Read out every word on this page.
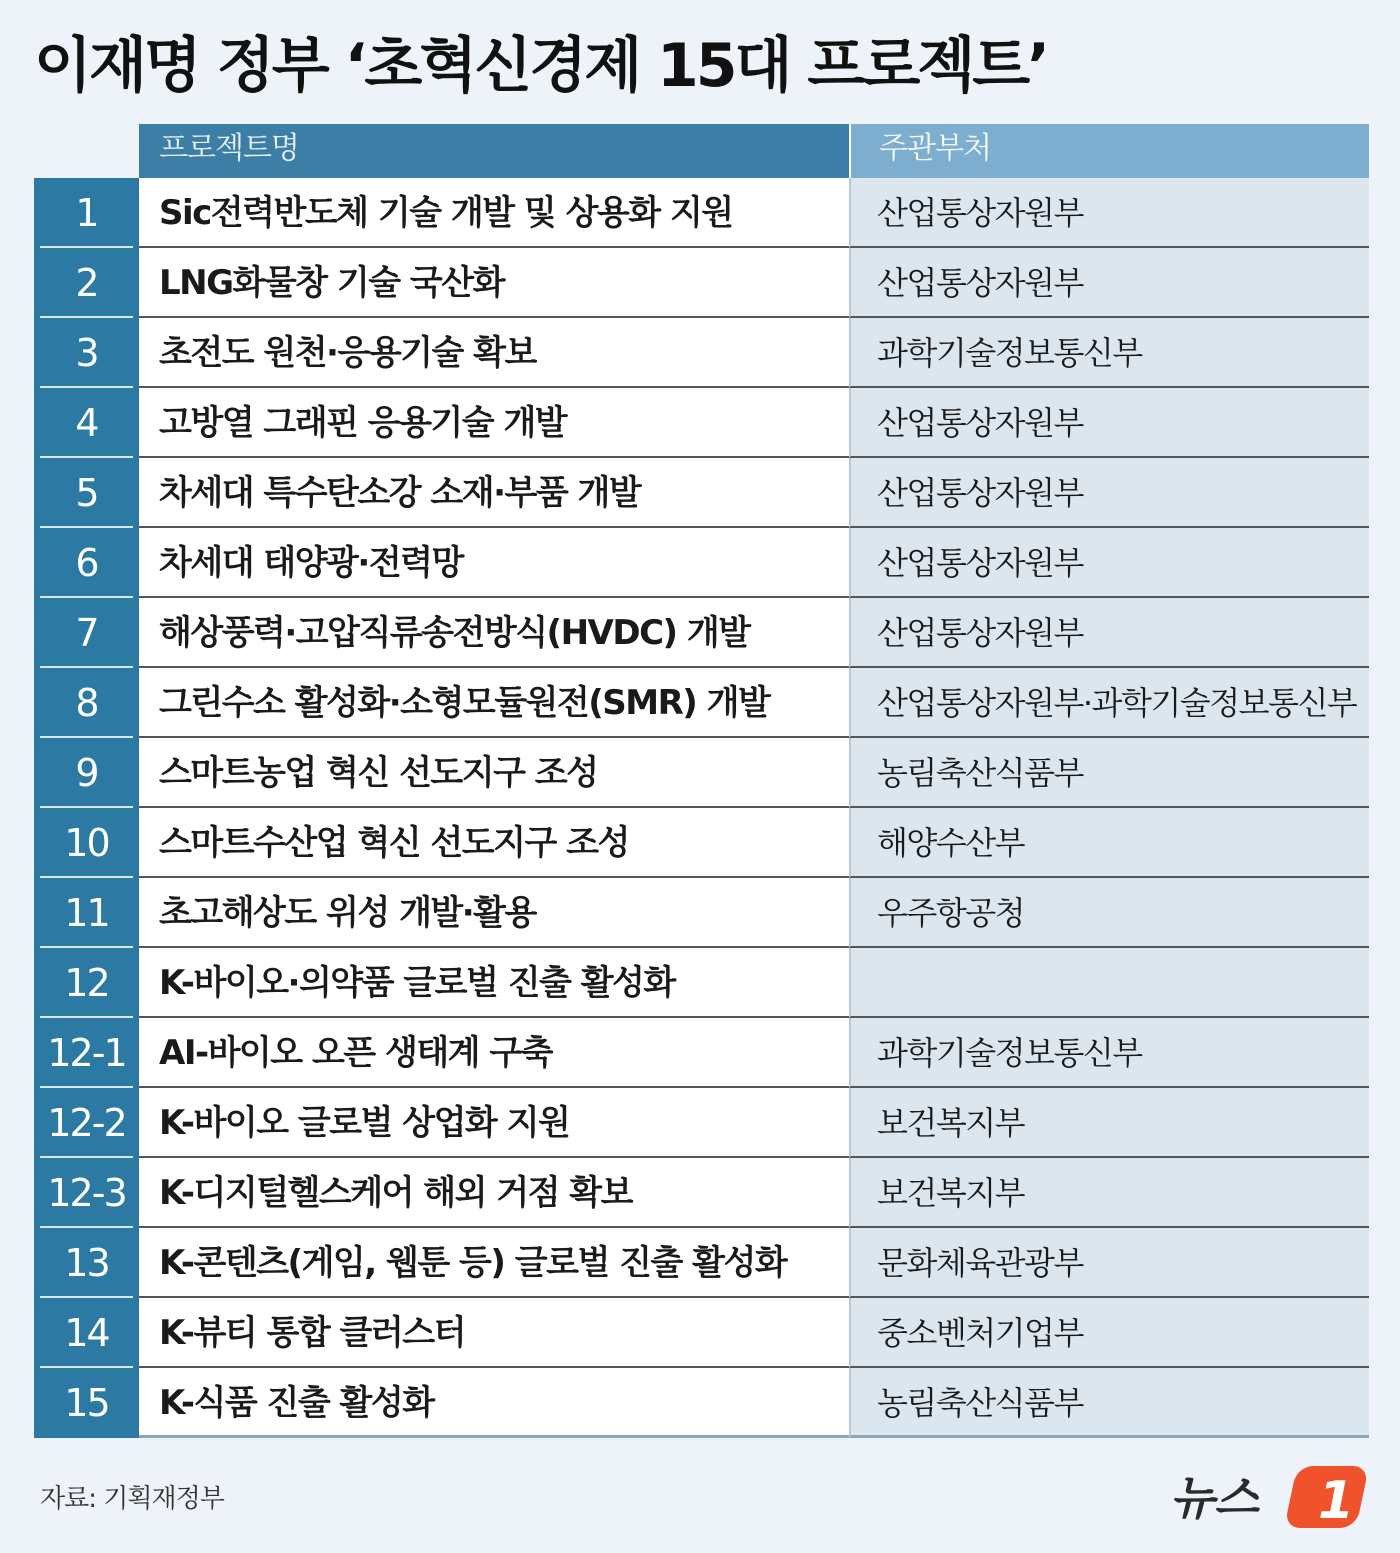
이재명 정부 ‘초혁신경제 15대 프로젝트’
프로젝트명	주관부처
1	Sic전력반도체 기술 개발 및 상용화 지원	산업통상자원부
2	LNG화물창 기술 국산화	산업통상자원부
3	초전도 원천·응용기술 확보	과학기술정보통신부
4	고방열 그래핀 응용기술 개발	산업통상자원부
5	차세대 특수탄소강 소재·부품 개발	산업통상자원부
6	차세대 태양광·전력망	산업통상자원부
7	해상풍력·고압직류송전방식(HVDC) 개발	산업통상자원부
8	그린수소 활성화·소형모듈원전(SMR) 개발	산업통상자원부·과학기술정보통신부
9	스마트농업 혁신 선도지구 조성	농림축산식품부
10	스마트수산업 혁신 선도지구 조성	해양수산부
11	초고해상도 위성 개발·활용	우주항공청
12	K-바이오·의약품 글로벌 진출 활성화
12-1 AI-바이오 오픈 생태계 구축	과학기술정보통신부
12-2 K-바이오 글로벌 상업화 지원	보건복지부
12-3 K-디지털헬스케어 해외 거점 확보	보건복지부
13	K-콘텐츠(게임, 웹툰 등) 글로벌 진출 활성화	문화체육관광부
14	K-뷰티 통합 클러스터	중소벤처기업부
15	K-식품 진출 활성화	농림축산식품부
자료: 기획재정부	뉴스 1
